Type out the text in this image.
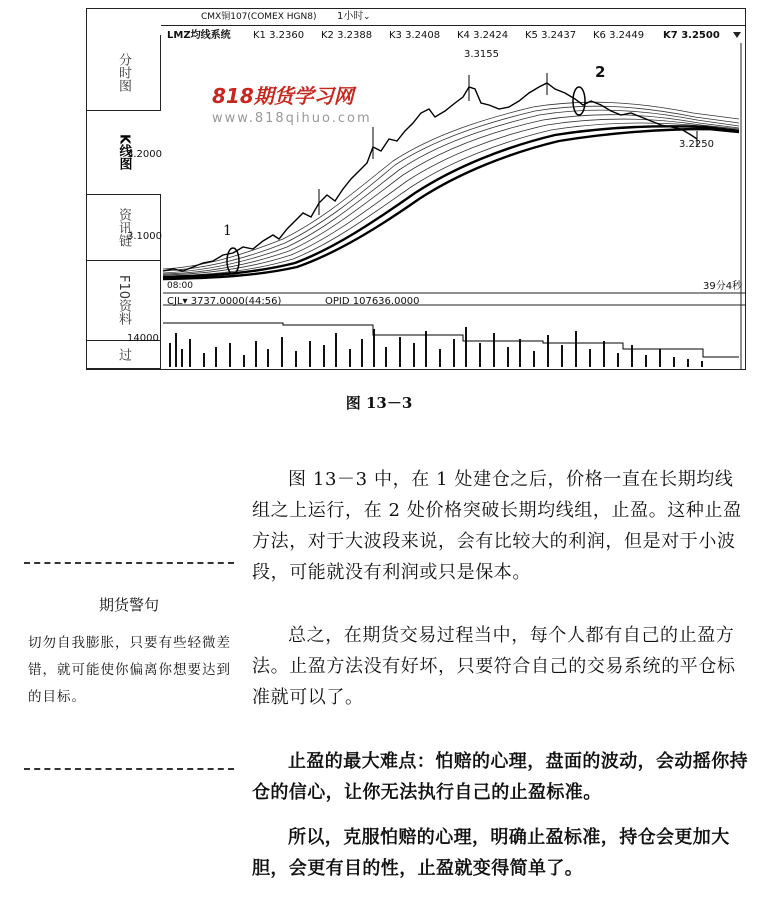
分时图
K线图
资讯链
F10资料
过
CMX铜107(COMEX HGN8) 1小时 ⌄
LMZ均线系统 K1 3.2360 K2 3.2388 K3 3.2408 K4 3.2424 K5 3.2437 K6 3.2449 K7 3.2500
3.2000
3.1000
14000
3.3155
3.2250
1
2
08:00	39分4秒
CJL▾ 3737.0000(44:56)	OPID 107636.0000
818期货学习网
www.818qihuo.com
图 13－3
图 13－3 中，在 1 处建仓之后，价格一直在长期均线组之上运行，在 2 处价格突破长期均线组，止盈。这种止盈方法，对于大波段来说，会有比较大的利润，但是对于小波段，可能就没有利润或只是保本。
总之，在期货交易过程当中，每个人都有自己的止盈方法。止盈方法没有好坏，只要符合自己的交易系统的平仓标准就可以了。
止盈的最大难点：怕赔的心理，盘面的波动，会动摇你持仓的信心，让你无法执行自己的止盈标准。
所以，克服怕赔的心理，明确止盈标准，持仓会更加大胆，会更有目的性，止盈就变得简单了。
期货警句
切勿自我膨胀，只要有些轻微差错，就可能使你偏离你想要达到的目标。
